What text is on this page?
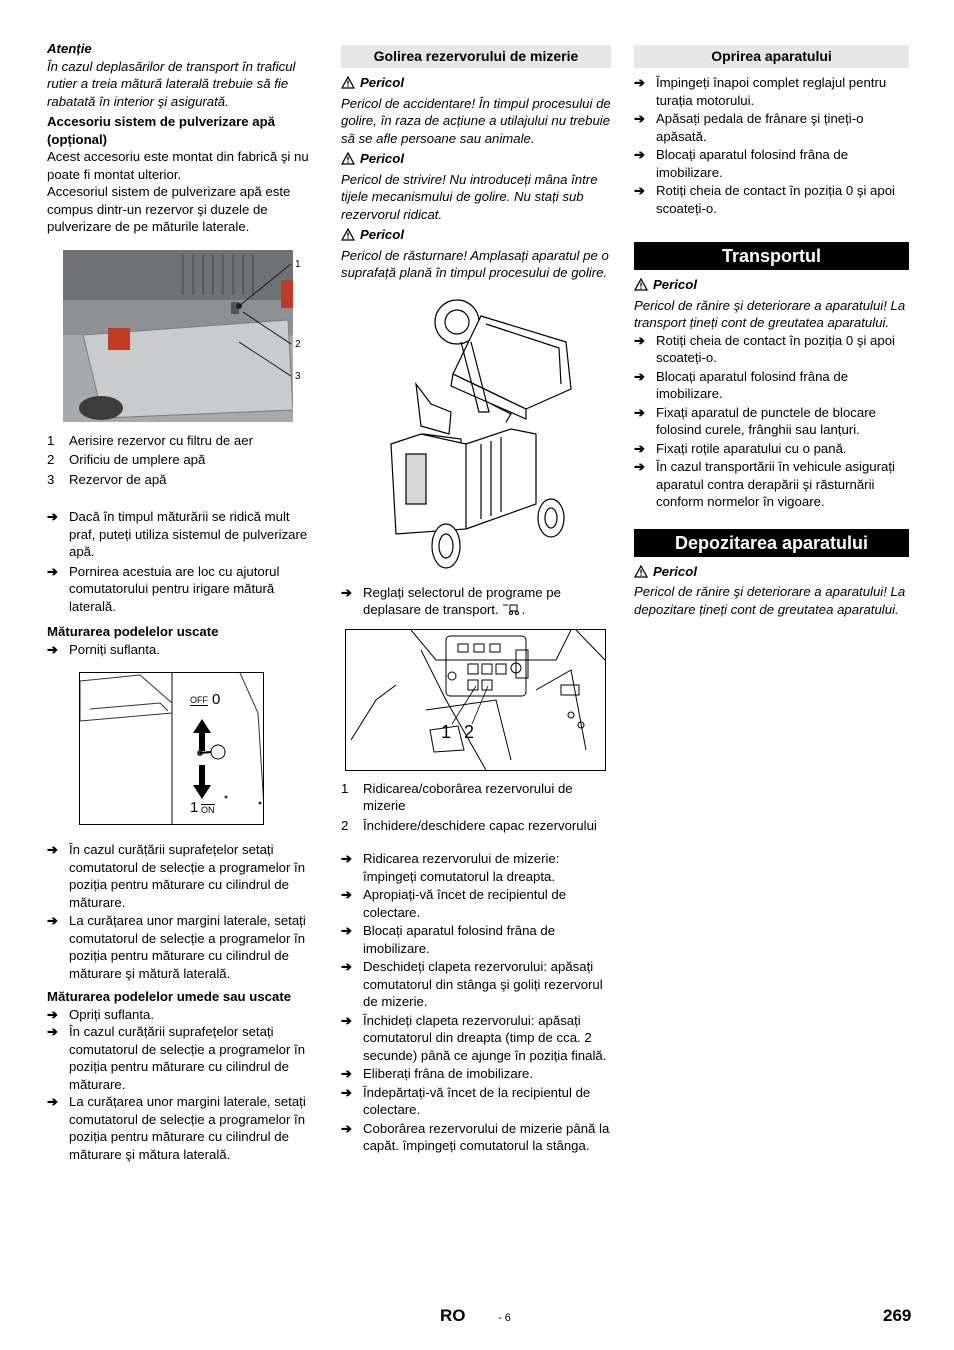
Atenție

În cazul deplasărilor de transport în traficul rutier a treia mătură laterală trebuie să fie rabatată în interior şi asigurată.

Accesoriu sistem de pulverizare apă (opțional)

Acest accesoriu este montat din fabrică şi nu poate fi montat ulterior.

Accesoriul sistem de pulverizare apă este compus dintr-un rezervor şi duzele de pulverizare de pe măturile laterale.

1
2
3
1 Aerisire rezervor cu filtru de aer
2 Orificiu de umplere apă
3 Rezervor de apă
➔ Dacă în timpul măturării se ridică mult praf, puteți utiliza sistemul de pulverizare apă.
➔ Pornirea acestuia are loc cu ajutorul comutatorului pentru irigare mătură laterală.

Măturarea podelelor uscate

➔ Porniți suflanta.
OFF 0
1 ON
➔ În cazul curățării suprafețelor setați comutatorul de selecție a programelor în poziția pentru măturare cu cilindrul de măturare.
➔ La curățarea unor margini laterale, setați comutatorul de selecție a programelor în poziția pentru măturare cu cilindrul de măturare şi mătură laterală.

Măturarea podelelor umede sau uscate

➔ Opriți suflanta.
➔ În cazul curățării suprafețelor setați comutatorul de selecție a programelor în poziția pentru măturare cu cilindrul de măturare.
➔ La curățarea unor margini laterale, setați comutatorul de selecție a programelor în poziția pentru măturare cu cilindrul de măturare şi mătura laterală.
Golirea rezervorului de mizerie
Pericol

Pericol de accidentare! În timpul procesului de golire, în raza de acțiune a utilajului nu trebuie să se afle persoane sau animale.

Pericol

Pericol de strivire! Nu introduceți mâna între tijele mecanismului de golire. Nu stați sub rezervorul ridicat.

Pericol

Pericol de răsturnare! Amplasați aparatul pe o suprafață plană în timpul procesului de golire.

➔ Reglați selectorul de programe pe deplasare de transport. .
1 2
1 Ridicarea/coborârea rezervorului de mizerie
2 Închidere/deschidere capac rezervorului
➔ Ridicarea rezervorului de mizerie: împingeți comutatorul la dreapta.
➔ Apropiați-vă încet de recipientul de colectare.
➔ Blocați aparatul folosind frâna de imobilizare.
➔ Deschideți clapeta rezervorului: apăsați comutatorul din stânga şi goliți rezervorul de mizerie.
➔ Închideți clapeta rezervorului: apăsați comutatorul din dreapta (timp de cca. 2 secunde) până ce ajunge în poziția finală.
➔ Eliberați frâna de imobilizare.
➔ Îndepărtați-vă încet de la recipientul de colectare.
➔ Coborârea rezervorului de mizerie până la capăt. împingeți comutatorul la stânga.
Oprirea aparatului
➔ Împingeți înapoi complet reglajul pentru turația motorului.
➔ Apăsați pedala de frânare şi țineți-o apăsată.
➔ Blocați aparatul folosind frâna de imobilizare.
➔ Rotiți cheia de contact în poziția 0 şi apoi scoateți-o.
Transportul
Pericol

Pericol de rănire şi deteriorare a aparatului! La transport țineți cont de greutatea aparatului.

➔ Rotiți cheia de contact în poziția 0 şi apoi scoateți-o.
➔ Blocați aparatul folosind frâna de imobilizare.
➔ Fixați aparatul de punctele de blocare folosind curele, frânghii sau lanțuri.
➔ Fixați roțile aparatului cu o pană.
➔ În cazul transportării în vehicule asigurați aparatul contra derapării şi răsturnării conform normelor în vigoare.
Depozitarea aparatului
Pericol

Pericol de rănire şi deteriorare a aparatului! La depozitare țineți cont de greutatea aparatului.

RO	- 6	269
